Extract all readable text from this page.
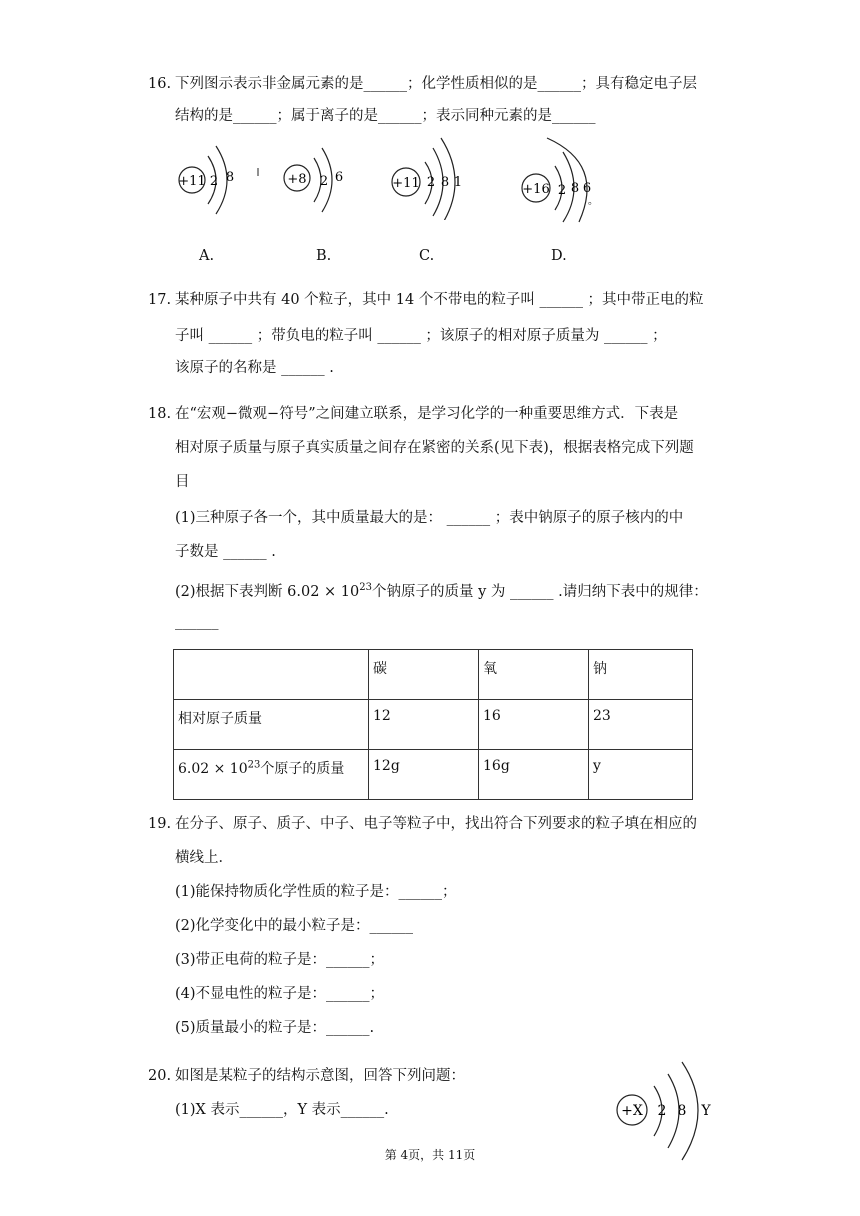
16. 下列图示表示非金属元素的是______；化学性质相似的是______；具有稳定电子层
结构的是______；属于离子的是______；表示同种元素的是______
+11 2 8
A.
+8 2 6
B.
+11 2 8 1
C.
+16 2 8 6
。
D.
17. 某种原子中共有 40 个粒子，其中 14 个不带电的粒子叫 ______ ；其中带正电的粒
子叫 ______ ；带负电的粒子叫 ______ ；该原子的相对原子质量为 ______ ；
该原子的名称是 ______ .
18. 在“宏观−微观−符号”之间建立联系，是学习化学的一种重要思维方式．下表是
相对原子质量与原子真实质量之间存在紧密的关系(见下表)，根据表格完成下列题
目
(1)三种原子各一个，其中质量最大的是： ______ ；表中钠原子的原子核内的中
子数是 ______ .
(2)根据下表判断 $6.02 \times 10^{23}$个钠原子的质量 y 为 ______ .请归纳下表中的规律：
______
	碳	氧	钠
相对原子质量	12	16	23
$6.02 \times 10^{23}$个原子的质量	12g	16g	y
19. 在分子、原子、质子、中子、电子等粒子中，找出符合下列要求的粒子填在相应的
横线上．
(1)能保持物质化学性质的粒子是：______；
(2)化学变化中的最小粒子是：______
(3)带正电荷的粒子是：______；
(4)不显电性的粒子是：______；
(5)质量最小的粒子是：______.
20. 如图是某粒子的结构示意图，回答下列问题：
(1)X 表示______，Y 表示______.	+X 2 8 Y
第 4页，共 11页
